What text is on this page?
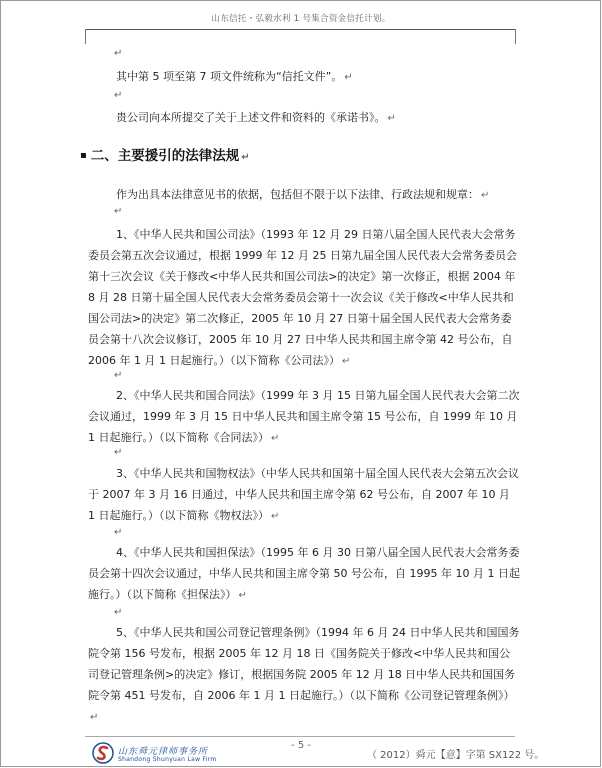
山东信托・弘毅水利 1 号集合资金信托计划。
↵
其中第 5 项至第 7 项文件统称为“信托文件”。 ↵
↵
贵公司向本所提交了关于上述文件和资料的《承诺书》。 ↵
▪ 二、主要援引的法律法规 ↵
作为出具本法律意见书的依据，包括但不限于以下法律、行政法规和规章： ↵
↵
1、《中华人民共和国公司法》（1993 年 12 月 29 日第八届全国人民代表大会常务委员会第五次会议通过，根据 1999 年 12 月 25 日第九届全国人民代表大会常务委员会第十三次会议《关于修改<中华人民共和国公司法>的决定》第一次修正，根据 2004 年 8 月 28 日第十届全国人民代表大会常务委员会第十一次会议《关于修改<中华人民共和国公司法>的决定》第二次修正，2005 年 10 月 27 日第十届全国人民代表大会常务委员会第十八次会议修订，2005 年 10 月 27 日中华人民共和国主席令第 42 号公布，自 2006 年 1 月 1 日起施行。）（以下简称《公司法》） ↵
↵
2、《中华人民共和国合同法》（1999 年 3 月 15 日第九届全国人民代表大会第二次会议通过，1999 年 3 月 15 日中华人民共和国主席令第 15 号公布，自 1999 年 10 月 1 日起施行。）（以下简称《合同法》） ↵
↵
3、《中华人民共和国物权法》（中华人民共和国第十届全国人民代表大会第五次会议于 2007 年 3 月 16 日通过，中华人民共和国主席令第 62 号公布，自 2007 年 10 月 1 日起施行。）（以下简称《物权法》） ↵
↵
4、《中华人民共和国担保法》（1995 年 6 月 30 日第八届全国人民代表大会常务委员会第十四次会议通过，中华人民共和国主席令第 50 号公布，自 1995 年 10 月 1 日起施行。）（以下简称《担保法》） ↵
↵
5、《中华人民共和国公司登记管理条例》（1994 年 6 月 24 日中华人民共和国国务院令第 156 号发布，根据 2005 年 12 月 18 日《国务院关于修改<中华人民共和国公司登记管理条例>的决定》修订，根据国务院 2005 年 12 月 18 日中华人民共和国国务院令第 451 号发布，自 2006 年 1 月 1 日起施行。）（以下简称《公司登记管理条例》）↵
- 5 -
山东舜元律师事务所
Shandong Shunyuan Law Firm	（ 2012）舜元【意】字第 SX122 号。
